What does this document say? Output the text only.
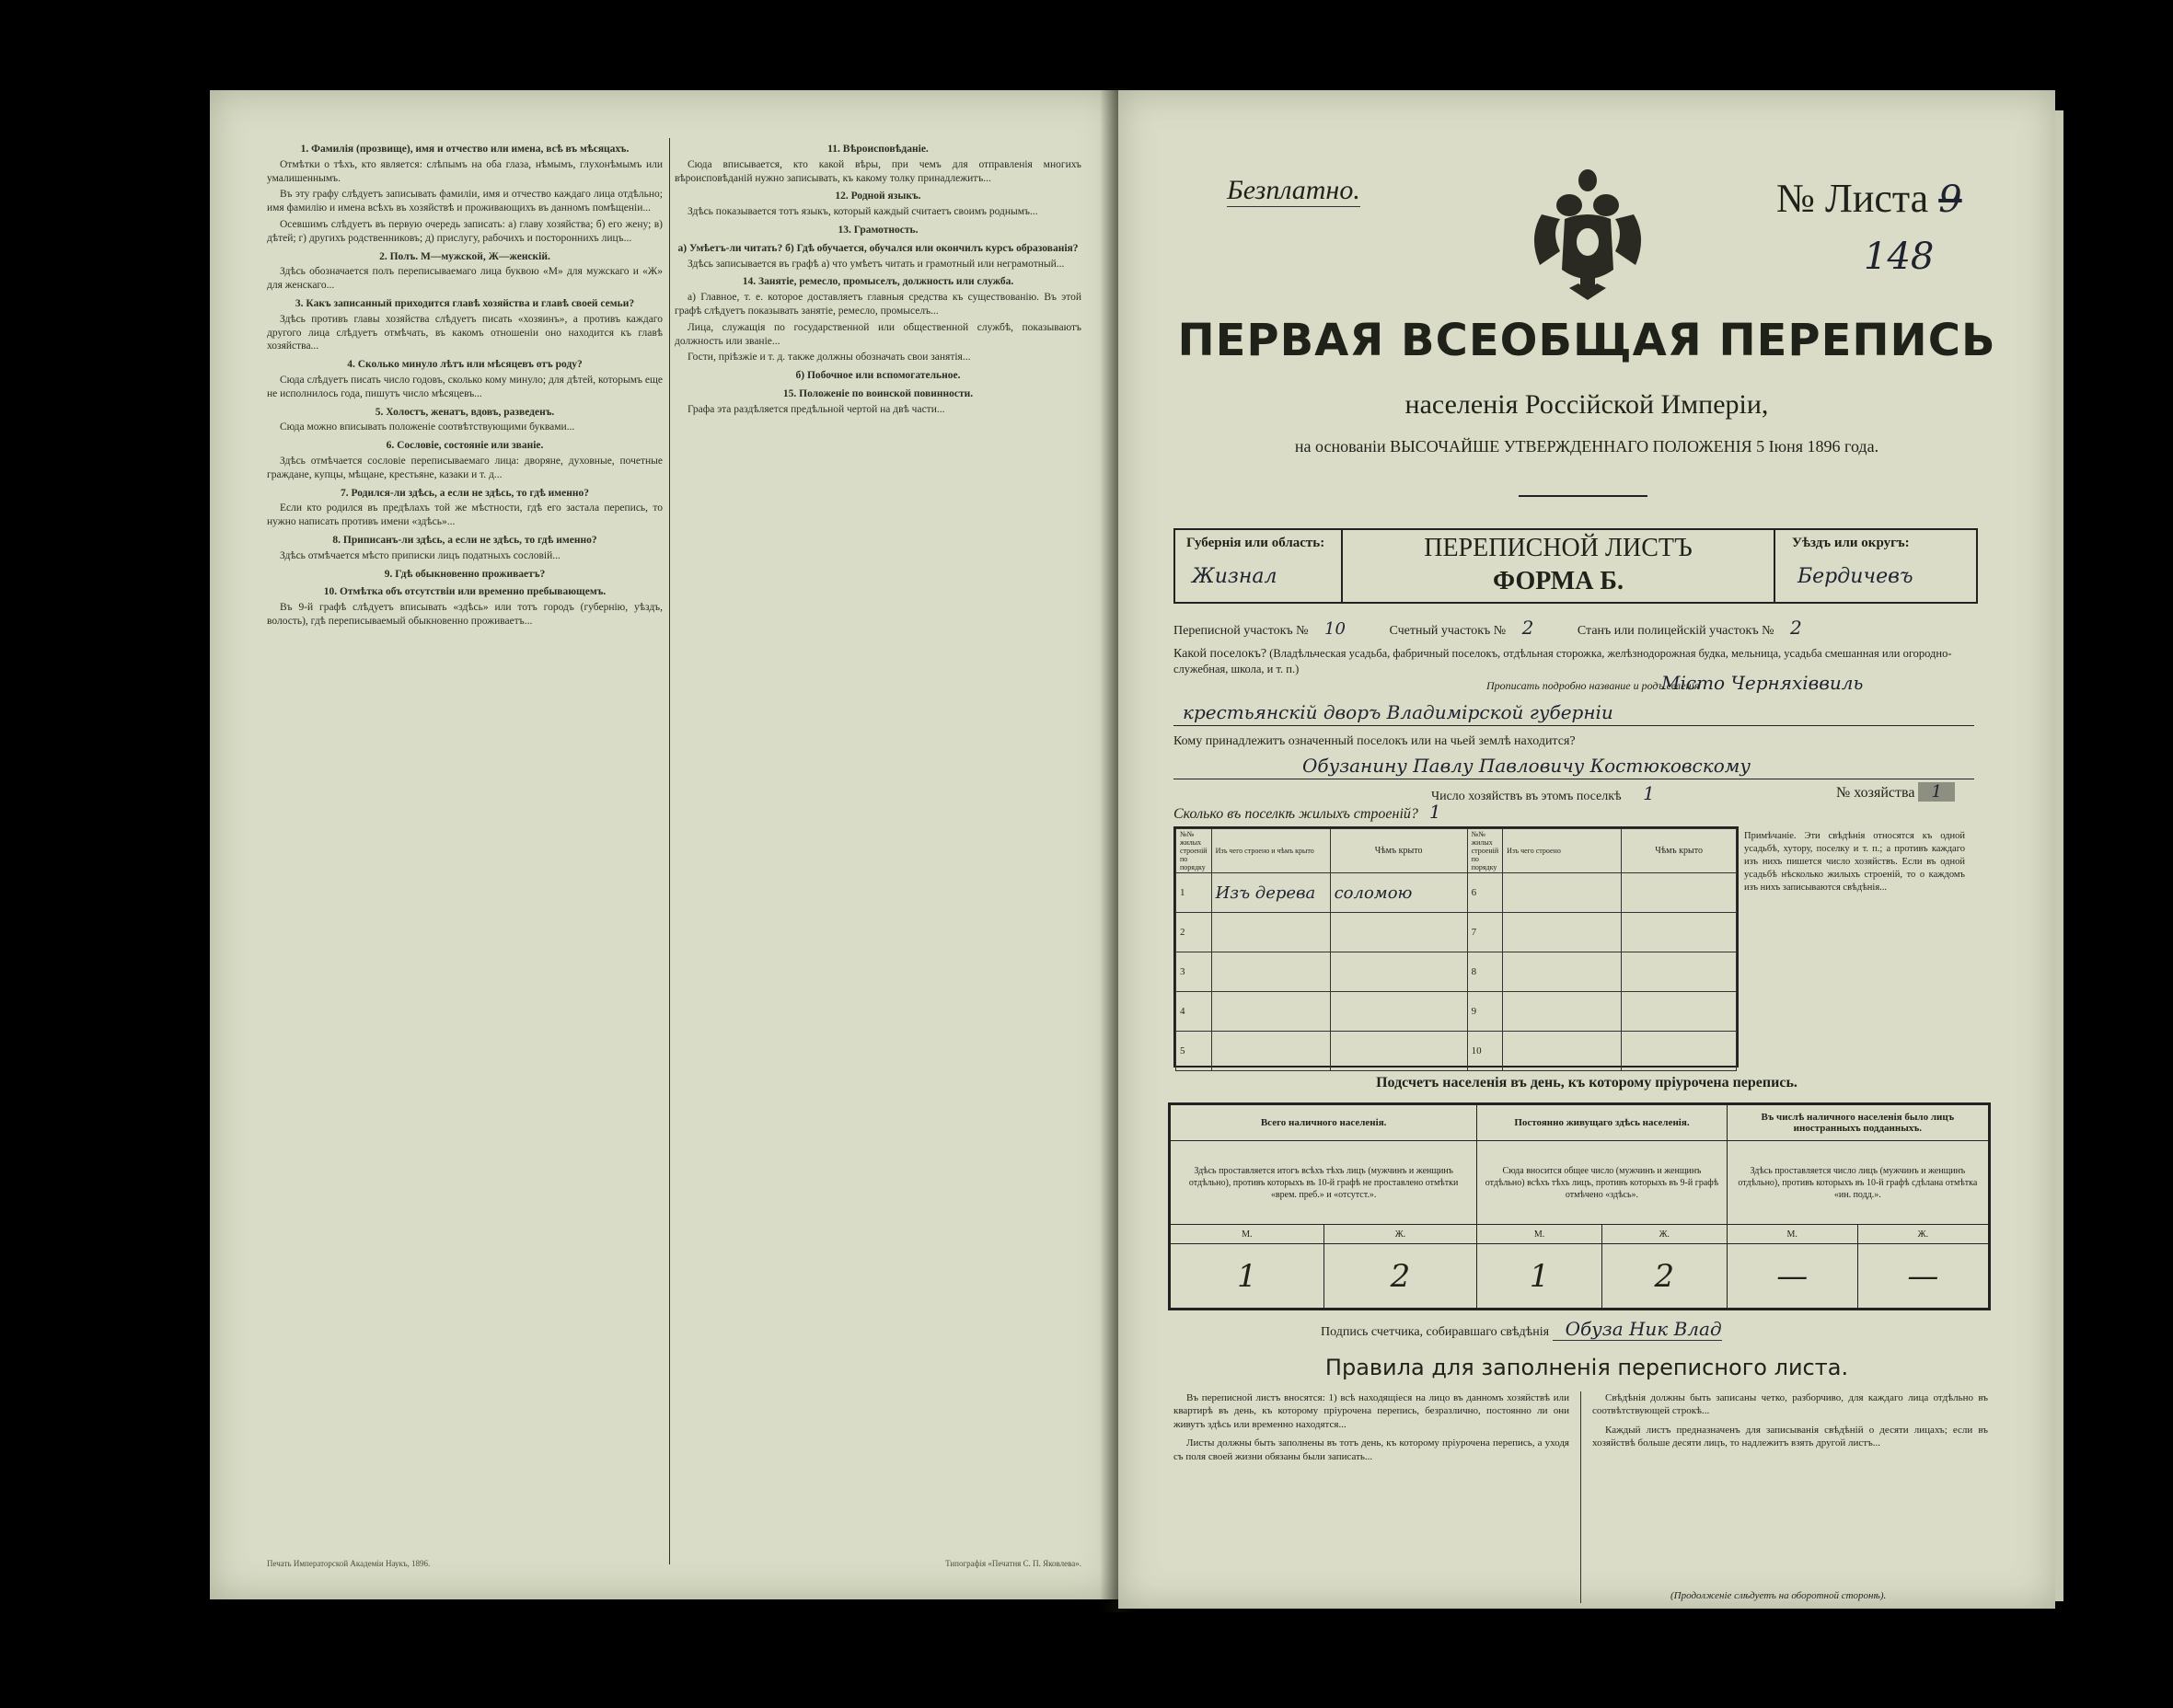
1. Фамилія (прозвище), имя и отчество или имена, всѣ въ мѣсяцахъ.

Отмѣтки о тѣхъ, кто является: слѣпымъ на оба глаза, нѣмымъ, глухонѣмымъ или умалишеннымъ.

Въ эту графу слѣдуетъ записывать фамиліи, имя и отчество каждаго лица отдѣльно; имя фамилію и имена всѣхъ въ хозяйствѣ и проживающихъ въ данномъ помѣщеніи...

Осевшимъ слѣдуетъ въ первую очередь записать: а) главу хозяйства; б) его жену; в) дѣтей; г) другихъ родственниковъ; д) прислугу, рабочихъ и постороннихъ лицъ...

2. Полъ. М—мужской, Ж—женскій.

Здѣсь обозначается полъ переписываемаго лица буквою «М» для мужскаго и «Ж» для женскаго...

3. Какъ записанный приходится главѣ хозяйства и главѣ своей семьи?

Здѣсь противъ главы хозяйства слѣдуетъ писать «хозяинъ», а противъ каждаго другого лица слѣдуетъ отмѣчать, въ какомъ отношеніи оно находится къ главѣ хозяйства...

4. Сколько минуло лѣтъ или мѣсяцевъ отъ роду?

Сюда слѣдуетъ писать число годовъ, сколько кому минуло; для дѣтей, которымъ еще не исполнилось года, пишутъ число мѣсяцевъ...

5. Холостъ, женатъ, вдовъ, разведенъ.

Сюда можно вписывать положеніе соотвѣтствующими буквами...

6. Сословіе, состояніе или званіе.

Здѣсь отмѣчается сословіе переписываемаго лица: дворяне, духовные, почетные граждане, купцы, мѣщане, крестьяне, казаки и т. д...

7. Родился-ли здѣсь, а если не здѣсь, то гдѣ именно?

Если кто родился въ предѣлахъ той же мѣстности, гдѣ его застала перепись, то нужно написать противъ имени «здѣсь»...

8. Приписанъ-ли здѣсь, а если не здѣсь, то гдѣ именно?

Здѣсь отмѣчается мѣсто приписки лицъ податныхъ сословій...

9. Гдѣ обыкновенно проживаетъ?

10. Отмѣтка объ отсутствіи или временно пребывающемъ.

Въ 9-й графѣ слѣдуетъ вписывать «здѣсь» или тотъ городъ (губернію, уѣздъ, волость), гдѣ переписываемый обыкновенно проживаетъ...

11. Вѣроисповѣданіе.

Сюда вписывается, кто какой вѣры, при чемъ для отправленія многихъ вѣроисповѣданій нужно записывать, къ какому толку принадлежитъ...

12. Родной языкъ.

Здѣсь показывается тотъ языкъ, который каждый считаетъ своимъ роднымъ...

13. Грамотность.

а) Умѣетъ-ли читать? б) Гдѣ обучается, обучался или окончилъ курсъ образованія?

Здѣсь записывается въ графѣ а) что умѣетъ читать и грамотный или неграмотный...

14. Занятіе, ремесло, промыселъ, должность или служба.

а) Главное, т. е. которое доставляетъ главныя средства къ существованію. Въ этой графѣ слѣдуетъ показывать занятіе, ремесло, промыселъ...

Лица, служащія по государственной или общественной службѣ, показываютъ должность или званіе...

Гости, пріѣзжіе и т. д. также должны обозначать свои занятія...

б) Побочное или вспомогательное.

15. Положеніе по воинской повинности.

Графа эта раздѣляется предѣльной чертой на двѣ части...

Печать Императорской Академіи Наукъ, 1896.	Типографія «Печатня С. П. Яковлева».
Безплатно.	№ Листа 9
148
ПЕРВАЯ ВСЕОБЩАЯ ПЕРЕПИСЬ
населенія Россійской Имперіи,
на основаніи ВЫСОЧАЙШЕ УТВЕРЖДЕННАГО ПОЛОЖЕНІЯ 5 Іюня 1896 года.
Губернія или область:
Жизнал
ПЕРЕПИСНОЙ ЛИСТЪ
ФОРМА Б.
Уѣздъ или округъ:
Бердичевъ
Переписной участокъ № 10	Счетный участокъ № 2	Станъ или полицейскій участокъ № 2
Какой поселокъ? (Владѣльческая усадьба, фабричный поселокъ, отдѣльная сторожка, желѣзнодорожная будка, мельница, усадьба смешанная или огородно-служебная, школа, и т. п.)
Прописать подробно название и родъ селенія
Місто Черняхіввиль
крестьянскій дворъ Владимірской губерніи
Кому принадлежитъ означенный поселокъ или на чьей землѣ находится?
Обузанину Павлу Павловичу Костюковскому
Число хозяйствъ въ этомъ поселкѣ 1	№ хозяйства 1
Сколько въ поселкѣ жилыхъ строеній? 1
№№ жилых строеній по порядку	Изъ чего строено и чѣмъ крыто	Чѣмъ крыто	№№ жилых строеній по порядку	Изъ чего строено	Чѣмъ крыто
1	Изъ дерева	соломою	6		
2			7		
3			8		
4			9		
5			10		
Примѣчаніе. Эти свѣдѣнія относятся къ одной усадьбѣ, хутору, поселку и т. п.; а противъ каждаго изъ нихъ пишется число хозяйствъ. Если въ одной усадьбѣ нѣсколько жилыхъ строеній, то о каждомъ изъ нихъ записываются свѣдѣнія...
Подсчетъ населенія въ день, къ которому пріурочена перепись.
Всего наличного населенія.		Постоянно живущаго здѣсь населенія.		Въ числѣ наличного населенія было лицъ иностранныхъ подданныхъ.	
Здѣсь проставляется итогъ всѣхъ тѣхъ лицъ (мужчинъ и женщинъ отдѣльно), противъ которыхъ въ 10-й графѣ не проставлено отмѣтки «врем. преб.» и «отсутст.».		Сюда вносится общее число (мужчинъ и женщинъ отдѣльно) всѣхъ тѣхъ лицъ, противъ которыхъ въ 9-й графѣ отмѣчено «здѣсь».		Здѣсь проставляется число лицъ (мужчинъ и женщинъ отдѣльно), противъ которыхъ въ 10-й графѣ сдѣлана отмѣтка «ин. подд.».	
М.	Ж.	М.	Ж.	М.	Ж.
1	2	1	2	—	—
Подпись счетчика, собиравшаго свѣдѣнія Обуза Ник Влад
Правила для заполненія переписного листа.

Въ переписной листъ вносятся: 1) всѣ находящіеся на лицо въ данномъ хозяйствѣ или квартирѣ въ день, къ которому пріурочена перепись, безразлично, постоянно ли они живутъ здѣсь или временно находятся...

Листы должны быть заполнены въ тотъ день, къ которому пріурочена перепись, а уходя съ поля своей жизни обязаны были записать...

Свѣдѣнія должны быть записаны четко, разборчиво, для каждаго лица отдѣльно въ соотвѣтствующей строкѣ...

Каждый листъ предназначенъ для записыванія свѣдѣній о десяти лицахъ; если въ хозяйствѣ больше десяти лицъ, то надлежитъ взять другой листъ...

(Продолженіе слѣдуетъ на оборотной сторонѣ).
